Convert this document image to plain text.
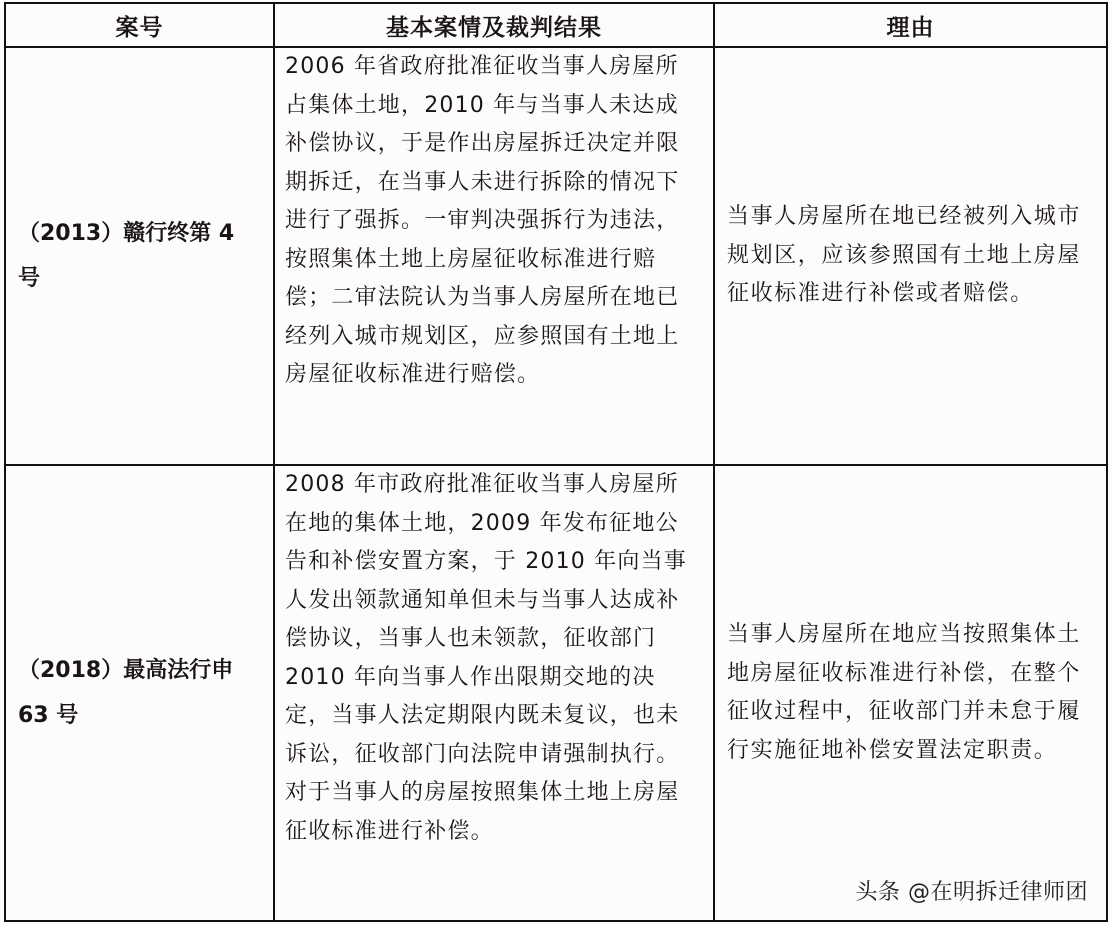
案号	基本案情及裁判结果	理由
（2013）赣行终第 4 号
2006 年省政府批准征收当事人房屋所占集体土地，2010 年与当事人未达成补偿协议，于是作出房屋拆迁决定并限期拆迁，在当事人未进行拆除的情况下进行了强拆。一审判决强拆行为违法，按照集体土地上房屋征收标准进行赔偿；二审法院认为当事人房屋所在地已经列入城市规划区，应参照国有土地上房屋征收标准进行赔偿。
当事人房屋所在地已经被列入城市规划区，应该参照国有土地上房屋征收标准进行补偿或者赔偿。
（2018）最高法行申 63 号
2008 年市政府批准征收当事人房屋所在地的集体土地，2009 年发布征地公告和补偿安置方案，于 2010 年向当事人发出领款通知单但未与当事人达成补偿协议，当事人也未领款，征收部门 2010 年向当事人作出限期交地的决定，当事人法定期限内既未复议，也未诉讼，征收部门向法院申请强制执行。对于当事人的房屋按照集体土地上房屋征收标准进行补偿。
当事人房屋所在地应当按照集体土地房屋征收标准进行补偿，在整个征收过程中，征收部门并未怠于履行实施征地补偿安置法定职责。
头条 @在明拆迁律师团
